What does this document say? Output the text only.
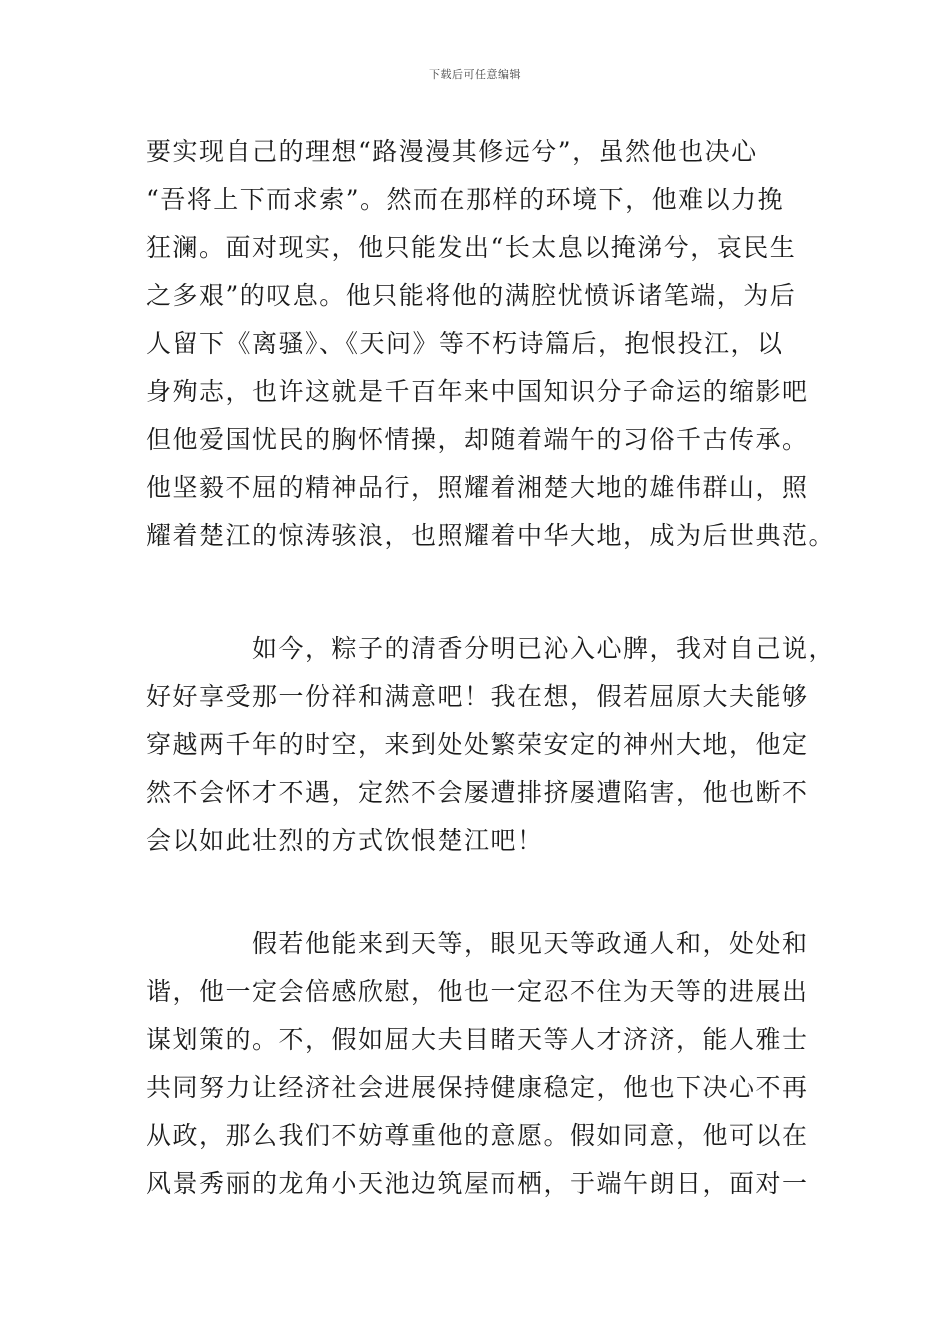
下载后可任意编辑
要实现自己的理想“路漫漫其修远兮”，虽然他也决心
“吾将上下而求索”。然而在那样的环境下，他难以力挽
狂澜。面对现实，他只能发出“长太息以掩涕兮，哀民生
之多艰”的叹息。他只能将他的满腔忧愤诉诸笔端，为后
人留下《离骚》、《天问》等不朽诗篇后，抱恨投江，以
身殉志，也许这就是千百年来中国知识分子命运的缩影吧
但他爱国忧民的胸怀情操，却随着端午的习俗千古传承。
他坚毅不屈的精神品行，照耀着湘楚大地的雄伟群山，照
耀着楚江的惊涛骇浪，也照耀着中华大地，成为后世典范。
如今，粽子的清香分明已沁入心脾，我对自己说，
好好享受那一份祥和满意吧！我在想，假若屈原大夫能够
穿越两千年的时空，来到处处繁荣安定的神州大地，他定
然不会怀才不遇，定然不会屡遭排挤屡遭陷害，他也断不
会以如此壮烈的方式饮恨楚江吧！
假若他能来到天等，眼见天等政通人和，处处和
谐，他一定会倍感欣慰，他也一定忍不住为天等的进展出
谋划策的。不，假如屈大夫目睹天等人才济济，能人雅士
共同努力让经济社会进展保持健康稳定，他也下决心不再
从政，那么我们不妨尊重他的意愿。假如同意，他可以在
风景秀丽的龙角小天池边筑屋而栖，于端午朗日，面对一
